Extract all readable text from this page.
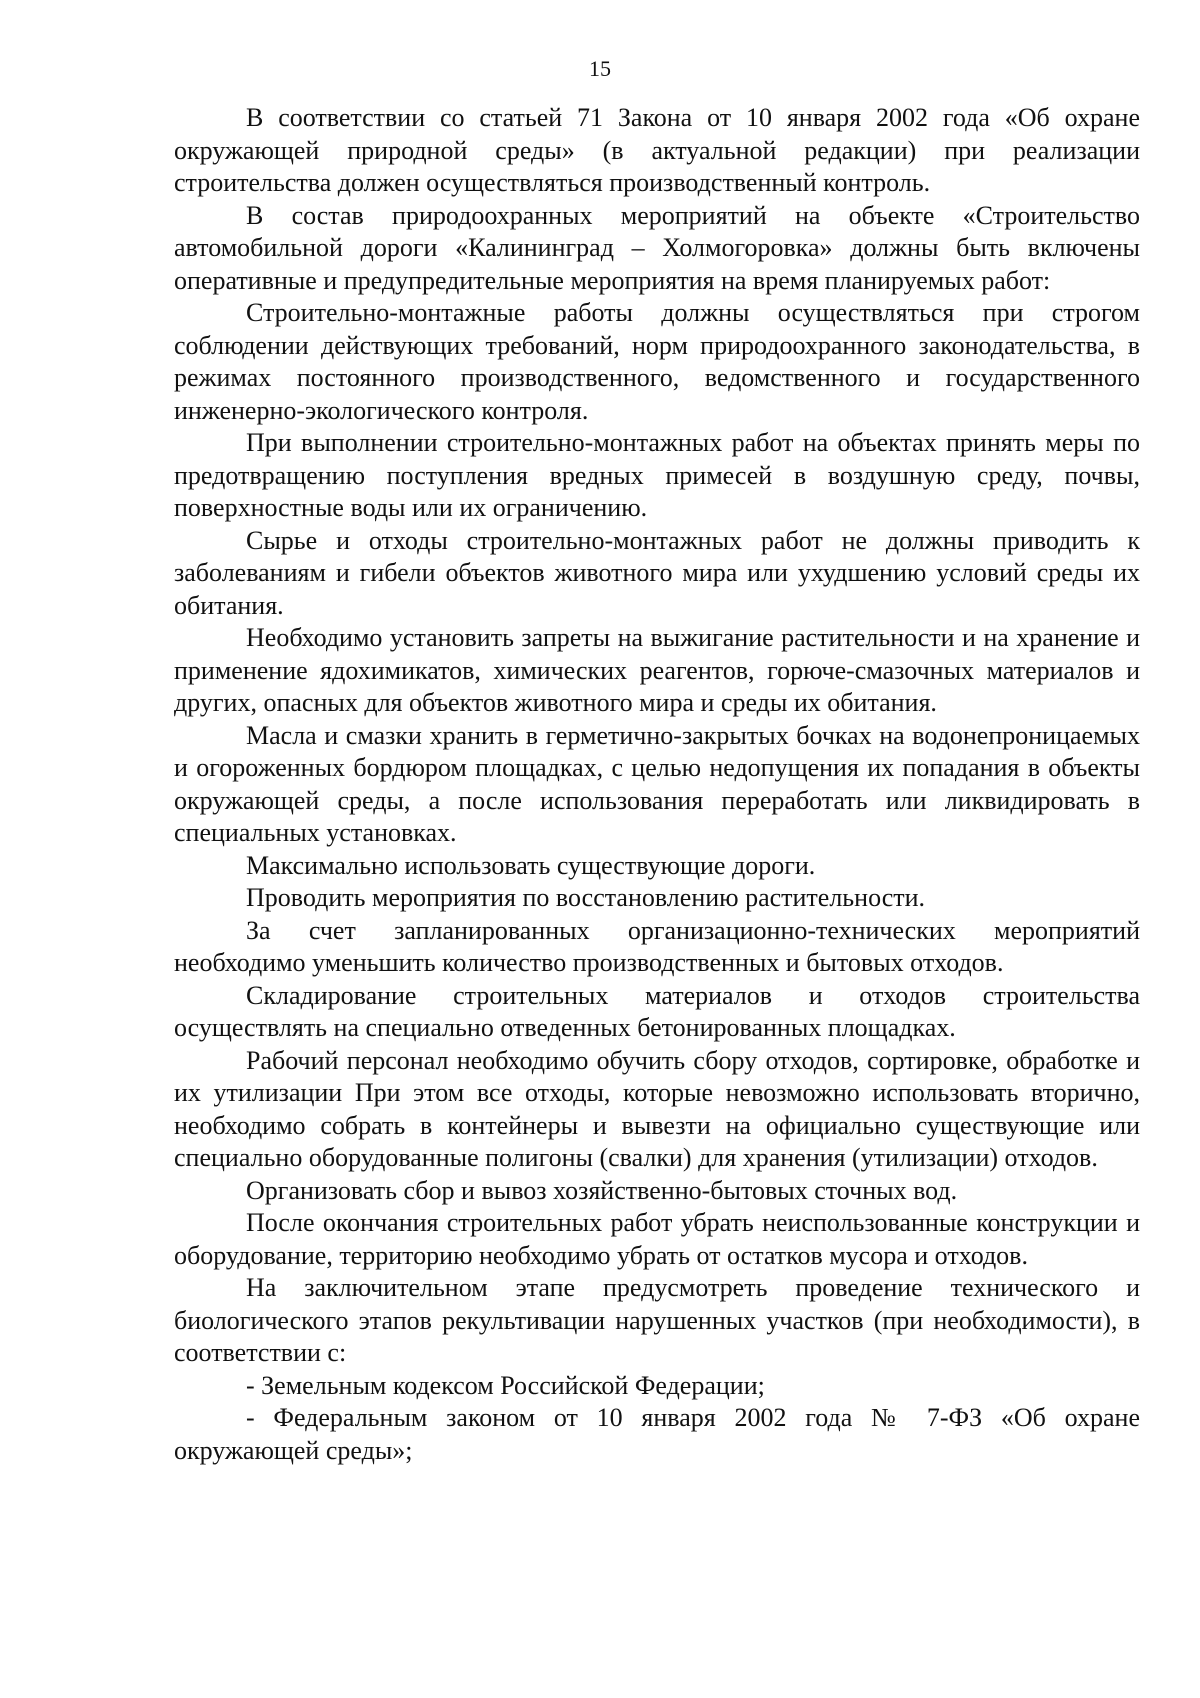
15

В соответствии со статьей 71 Закона от 10 января 2002 года «Об охране окружающей природной среды» (в актуальной редакции) при реализации строительства должен осуществляться производственный контроль.

В состав природоохранных мероприятий на объекте «Строительство автомобильной дороги «Калининград – Холмогоровка» должны быть включены оперативные и предупредительные мероприятия на время планируемых работ:

Строительно-монтажные работы должны осуществляться при строгом соблюдении действующих требований, норм природоохранного законодательства, в режимах постоянного производственного, ведомственного и государственного инженерно-экологического контроля.

При выполнении строительно-монтажных работ на объектах принять меры по предотвращению поступления вредных примесей в воздушную среду, почвы, поверхностные воды или их ограничению.

Сырье и отходы строительно-монтажных работ не должны приводить к заболеваниям и гибели объектов животного мира или ухудшению условий среды их обитания.

Необходимо установить запреты на выжигание растительности и на хранение и применение ядохимикатов, химических реагентов, горюче-смазочных материалов и других, опасных для объектов животного мира и среды их обитания.

Масла и смазки хранить в герметично-закрытых бочках на водонепроницаемых и огороженных бордюром площадках, с целью недопущения их попадания в объекты окружающей среды, а после использования переработать или ликвидировать в специальных установках.

Максимально использовать существующие дороги.

Проводить мероприятия по восстановлению растительности.

За счет запланированных организационно-технических мероприятий необходимо уменьшить количество производственных и бытовых отходов.

Складирование строительных материалов и отходов строительства осуществлять на специально отведенных бетонированных площадках.

Рабочий персонал необходимо обучить сбору отходов, сортировке, обработке и их утилизации При этом все отходы, которые невозможно использовать вторично, необходимо собрать в контейнеры и вывезти на официально существующие или специально оборудованные полигоны (свалки) для хранения (утилизации) отходов.

Организовать сбор и вывоз хозяйственно-бытовых сточных вод.

После окончания строительных работ убрать неиспользованные конструкции и оборудование, территорию необходимо убрать от остатков мусора и отходов.

На заключительном этапе предусмотреть проведение технического и биологического этапов рекультивации нарушенных участков (при необходимости), в соответствии с:

- Земельным кодексом Российской Федерации;

- Федеральным законом от 10 января 2002 года № 7-ФЗ «Об охране окружающей среды»;
